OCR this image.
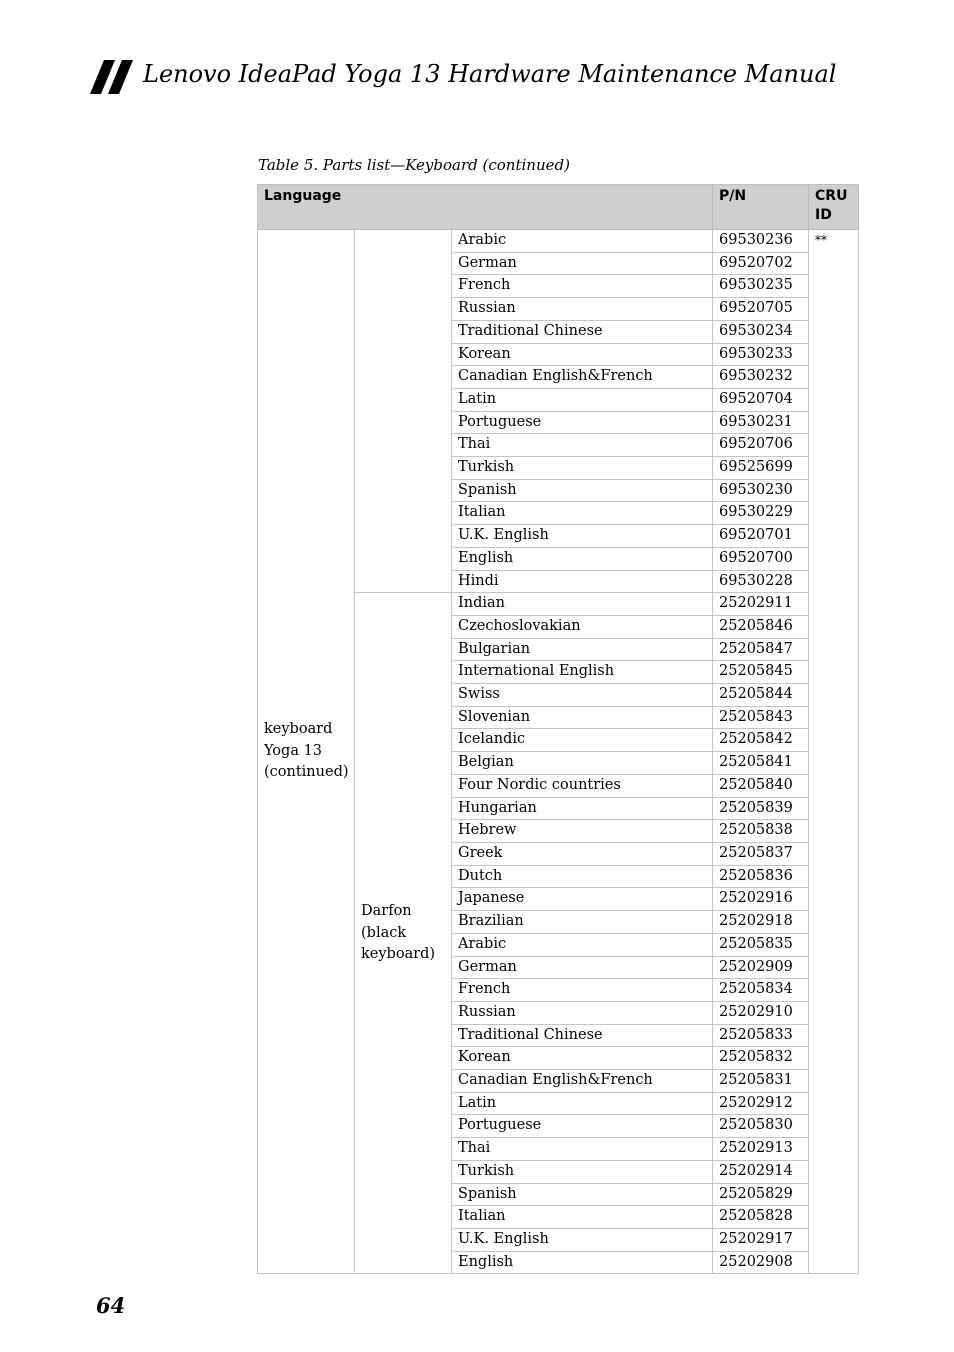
Lenovo IdeaPad Yoga 13 Hardware Maintenance Manual
Table 5. Parts list—Keyboard (continued)
Language			P/N	CRU ID
keyboard Yoga 13 (continued)		Arabic	69530236	**
		German	69520702	
		French	69530235	
		Russian	69520705	
		Traditional Chinese	69530234	
		Korean	69530233	
		Canadian English&French	69530232	
		Latin	69520704	
		Portuguese	69530231	
		Thai	69520706	
		Turkish	69525699	
		Spanish	69530230	
		Italian	69530229	
		U.K. English	69520701	
		English	69520700	
		Hindi	69530228	
	Darfon (black keyboard)	Indian	25202911	
		Czechoslovakian	25205846	
		Bulgarian	25205847	
		International English	25205845	
		Swiss	25205844	
		Slovenian	25205843	
		Icelandic	25205842	
		Belgian	25205841	
		Four Nordic countries	25205840	
		Hungarian	25205839	
		Hebrew	25205838	
		Greek	25205837	
		Dutch	25205836	
		Japanese	25202916	
		Brazilian	25202918	
		Arabic	25205835	
		German	25202909	
		French	25205834	
		Russian	25202910	
		Traditional Chinese	25205833	
		Korean	25205832	
		Canadian English&French	25205831	
		Latin	25202912	
		Portuguese	25205830	
		Thai	25202913	
		Turkish	25202914	
		Spanish	25205829	
		Italian	25205828	
		U.K. English	25202917	
		English	25202908	
64
